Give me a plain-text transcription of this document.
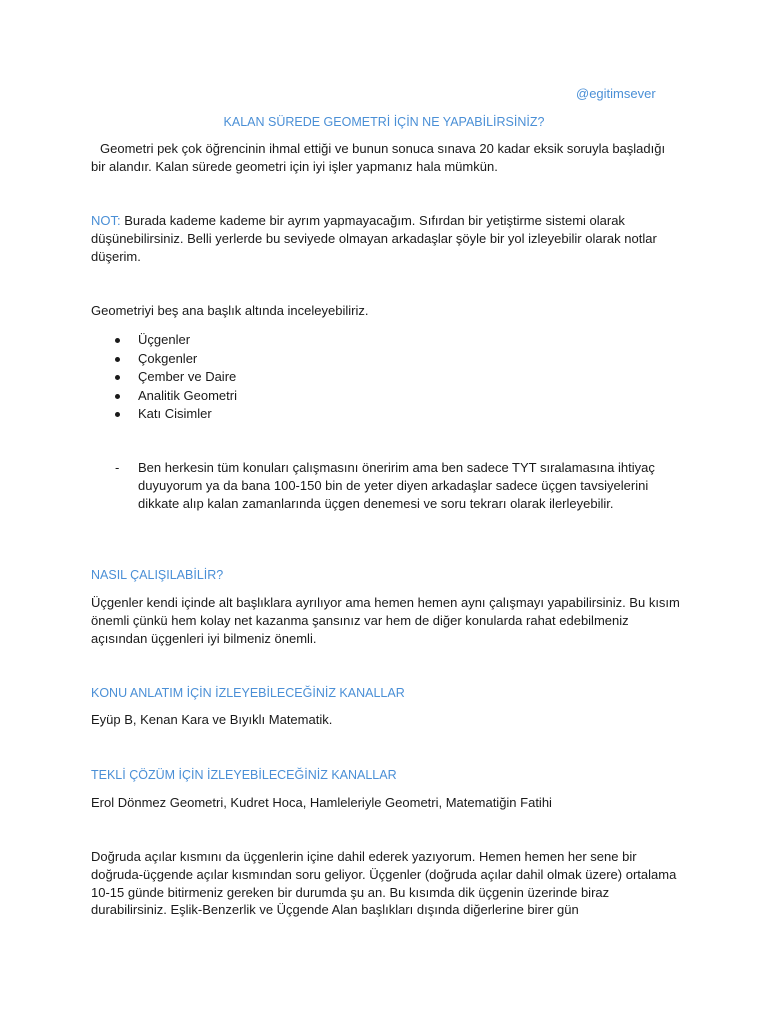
@egitimsever
KALAN SÜREDE GEOMETRİ İÇİN NE YAPABİLİRSİNİZ?
Geometri pek çok öğrencinin ihmal ettiği ve bunun sonuca sınava 20 kadar eksik soruyla başladığı bir alandır. Kalan sürede geometri için iyi işler yapmanız hala mümkün.
NOT: Burada kademe kademe bir ayrım yapmayacağım. Sıfırdan bir yetiştirme sistemi olarak düşünebilirsiniz. Belli yerlerde bu seviyede olmayan arkadaşlar şöyle bir yol izleyebilir olarak notlar düşerim.
Geometriyi beş ana başlık altında inceleyebiliriz.
Üçgenler
Çokgenler
Çember ve Daire
Analitik Geometri
Katı Cisimler
- Ben herkesin tüm konuları çalışmasını öneririm ama ben sadece TYT sıralamasına ihtiyaç duyuyorum ya da bana 100-150 bin de yeter diyen arkadaşlar sadece üçgen tavsiyelerini dikkate alıp kalan zamanlarında üçgen denemesi ve soru tekrarı olarak ilerleyebilir.
NASIL ÇALIŞILABİLİR?
Üçgenler kendi içinde alt başlıklara ayrılıyor ama hemen hemen aynı çalışmayı yapabilirsiniz. Bu kısım önemli çünkü hem kolay net kazanma şansınız var hem de diğer konularda rahat edebilmeniz açısından üçgenleri iyi bilmeniz önemli.
KONU ANLATIM İÇİN İZLEYEBİLECEĞİNİZ KANALLAR
Eyüp B, Kenan Kara ve Bıyıklı Matematik.
TEKLİ ÇÖZÜM İÇİN İZLEYEBİLECEĞİNİZ KANALLAR
Erol Dönmez Geometri, Kudret Hoca, Hamleleriyle Geometri, Matematiğin Fatihi
Doğruda açılar kısmını da üçgenlerin içine dahil ederek yazıyorum. Hemen hemen her sene bir doğruda-üçgende açılar kısmından soru geliyor. Üçgenler (doğruda açılar dahil olmak üzere) ortalama 10-15 günde bitirmeniz gereken bir durumda şu an. Bu kısımda dik üçgenin üzerinde biraz durabilirsiniz. Eşlik-Benzerlik ve Üçgende Alan başlıkları dışında diğerlerine birer gün
